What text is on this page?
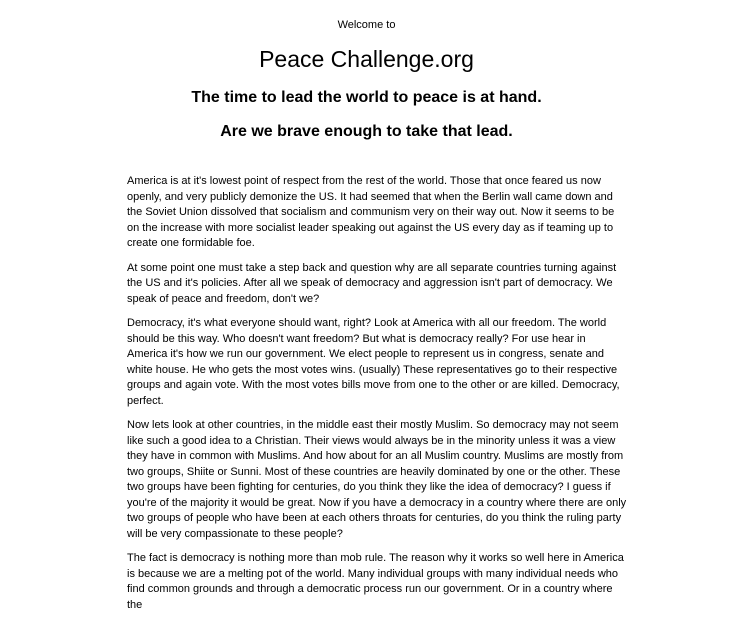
Welcome to
Peace Challenge.org
The time to lead the world to peace is at hand.
Are we brave enough to take that lead.

America is at it's lowest point of respect from the rest of the world. Those that once feared us now openly, and very publicly demonize the US. It had seemed that when the Berlin wall came down and the Soviet Union dissolved that socialism and communism very on their way out. Now it seems to be on the increase with more socialist leader speaking out against the US every day as if teaming up to create one formidable foe.

At some point one must take a step back and question why are all separate countries turning against the US and it's policies. After all we speak of democracy and aggression isn't part of democracy. We speak of peace and freedom, don't we?

Democracy, it's what everyone should want, right? Look at America with all our freedom. The world should be this way. Who doesn't want freedom? But what is democracy really? For use hear in America it's how we run our government. We elect people to represent us in congress, senate and white house. He who gets the most votes wins. (usually) These representatives go to their respective groups and again vote. With the most votes bills move from one to the other or are killed. Democracy, perfect.

Now lets look at other countries, in the middle east their mostly Muslim. So democracy may not seem like such a good idea to a Christian. Their views would always be in the minority unless it was a view they have in common with Muslims. And how about for an all Muslim country. Muslims are mostly from two groups, Shiite or Sunni. Most of these countries are heavily dominated by one or the other. These two groups have been fighting for centuries, do you think they like the idea of democracy? I guess if you're of the majority it would be great. Now if you have a democracy in a country where there are only two groups of people who have been at each others throats for centuries, do you think the ruling party will be very compassionate to these people?

The fact is democracy is nothing more than mob rule. The reason why it works so well here in America is because we are a melting pot of the world. Many individual groups with many individual needs who find common grounds and through a democratic process run our government. Or in a country where the
